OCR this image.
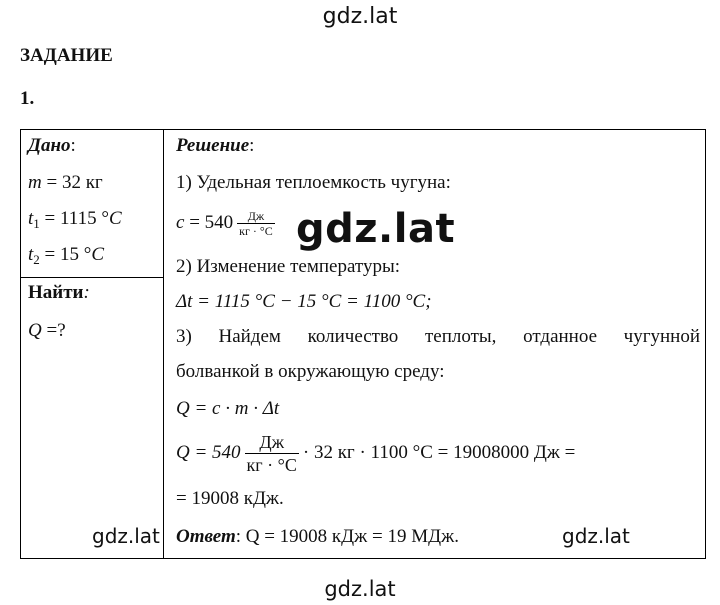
gdz.lat
ЗАДАНИЕ
1.
Дано:
m = 32 кг
$t_1 = 1115$ °C
$t_2 = 15$ °C
Найти:
Q =?
Решение:
1) Удельная теплоемкость чугуна:
$c = 540 \frac{Дж}{кг \cdot ^\circ C}$
2) Изменение температуры:
Δt = 1115 °C − 15 °C = 1100 °C;
3) Найдем количество теплоты, отданное чугунной
болванкой в окружающую среду:
Q = c · m · Δt
$Q = 540 \frac{Дж}{кг \cdot ^\circ C} \cdot 32$ кг · 1100 °C = 19008000 Дж =
= 19008 кДж.
Ответ: Q = 19008 кДж = 19 МДж.
gdz.lat
gdz.lat	gdz.lat
gdz.lat
